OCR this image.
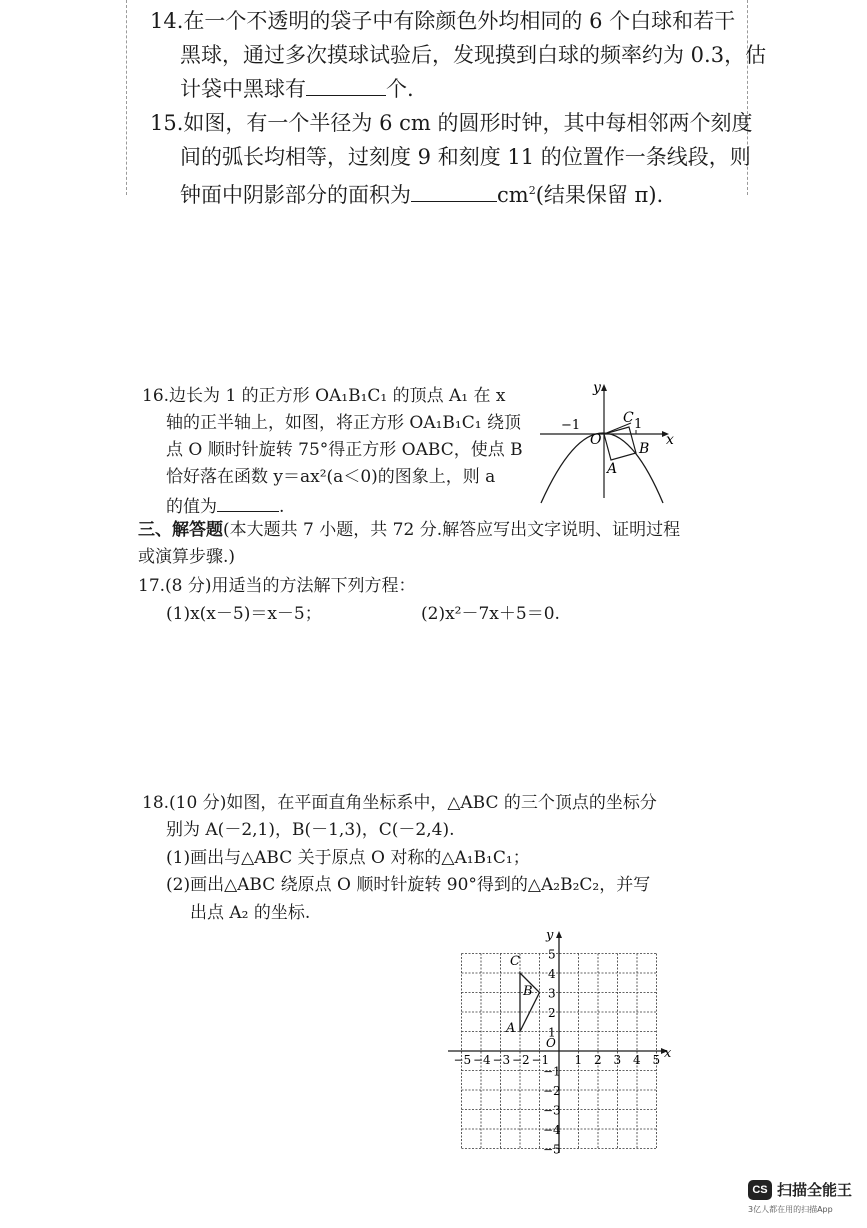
14.在一个不透明的袋子中有除颜色外均相同的 6 个白球和若干
黑球，通过多次摸球试验后，发现摸到白球的频率约为 0.3，估
计袋中黑球有	个.
15.如图，有一个半径为 6 cm 的圆形时钟，其中每相邻两个刻度
间的弧长均相等，过刻度 9 和刻度 11 的位置作一条线段，则
钟面中阴影部分的面积为	$cm^2$(结果保留 π).
16.边长为 1 的正方形 OA₁B₁C₁ 的顶点 A₁ 在 x
轴的正半轴上，如图，将正方形 OA₁B₁C₁ 绕顶
点 O 顺时针旋转 75°得正方形 OABC，使点 B
恰好落在函数 y＝ax²(a＜0)的图象上，则 a
的值为	.
y
x
−1	C 1
O
B
A
三、解答题(本大题共 7 小题，共 72 分.解答应写出文字说明、证明过程
或演算步骤.)
17.(8 分)用适当的方法解下列方程：
(1)x(x－5)＝x－5；	(2)x²－7x＋5＝0.
18.(10 分)如图，在平面直角坐标系中，△ABC 的三个顶点的坐标分
别为 A(－2,1)，B(－1,3)，C(－2,4).
(1)画出与△ABC 关于原点 O 对称的△A₁B₁C₁；
(2)画出△ABC 绕原点 O 顺时针旋转 90°得到的△A₂B₂C₂，并写
出点 A₂ 的坐标.
y
x
O
−5 −4 −3 −2 −1 1 2 3 4 5
5
4
3
2
1
−1
−2
−3
−4
−5
C
B
A
CS 扫描全能王
3亿人都在用的扫描App
